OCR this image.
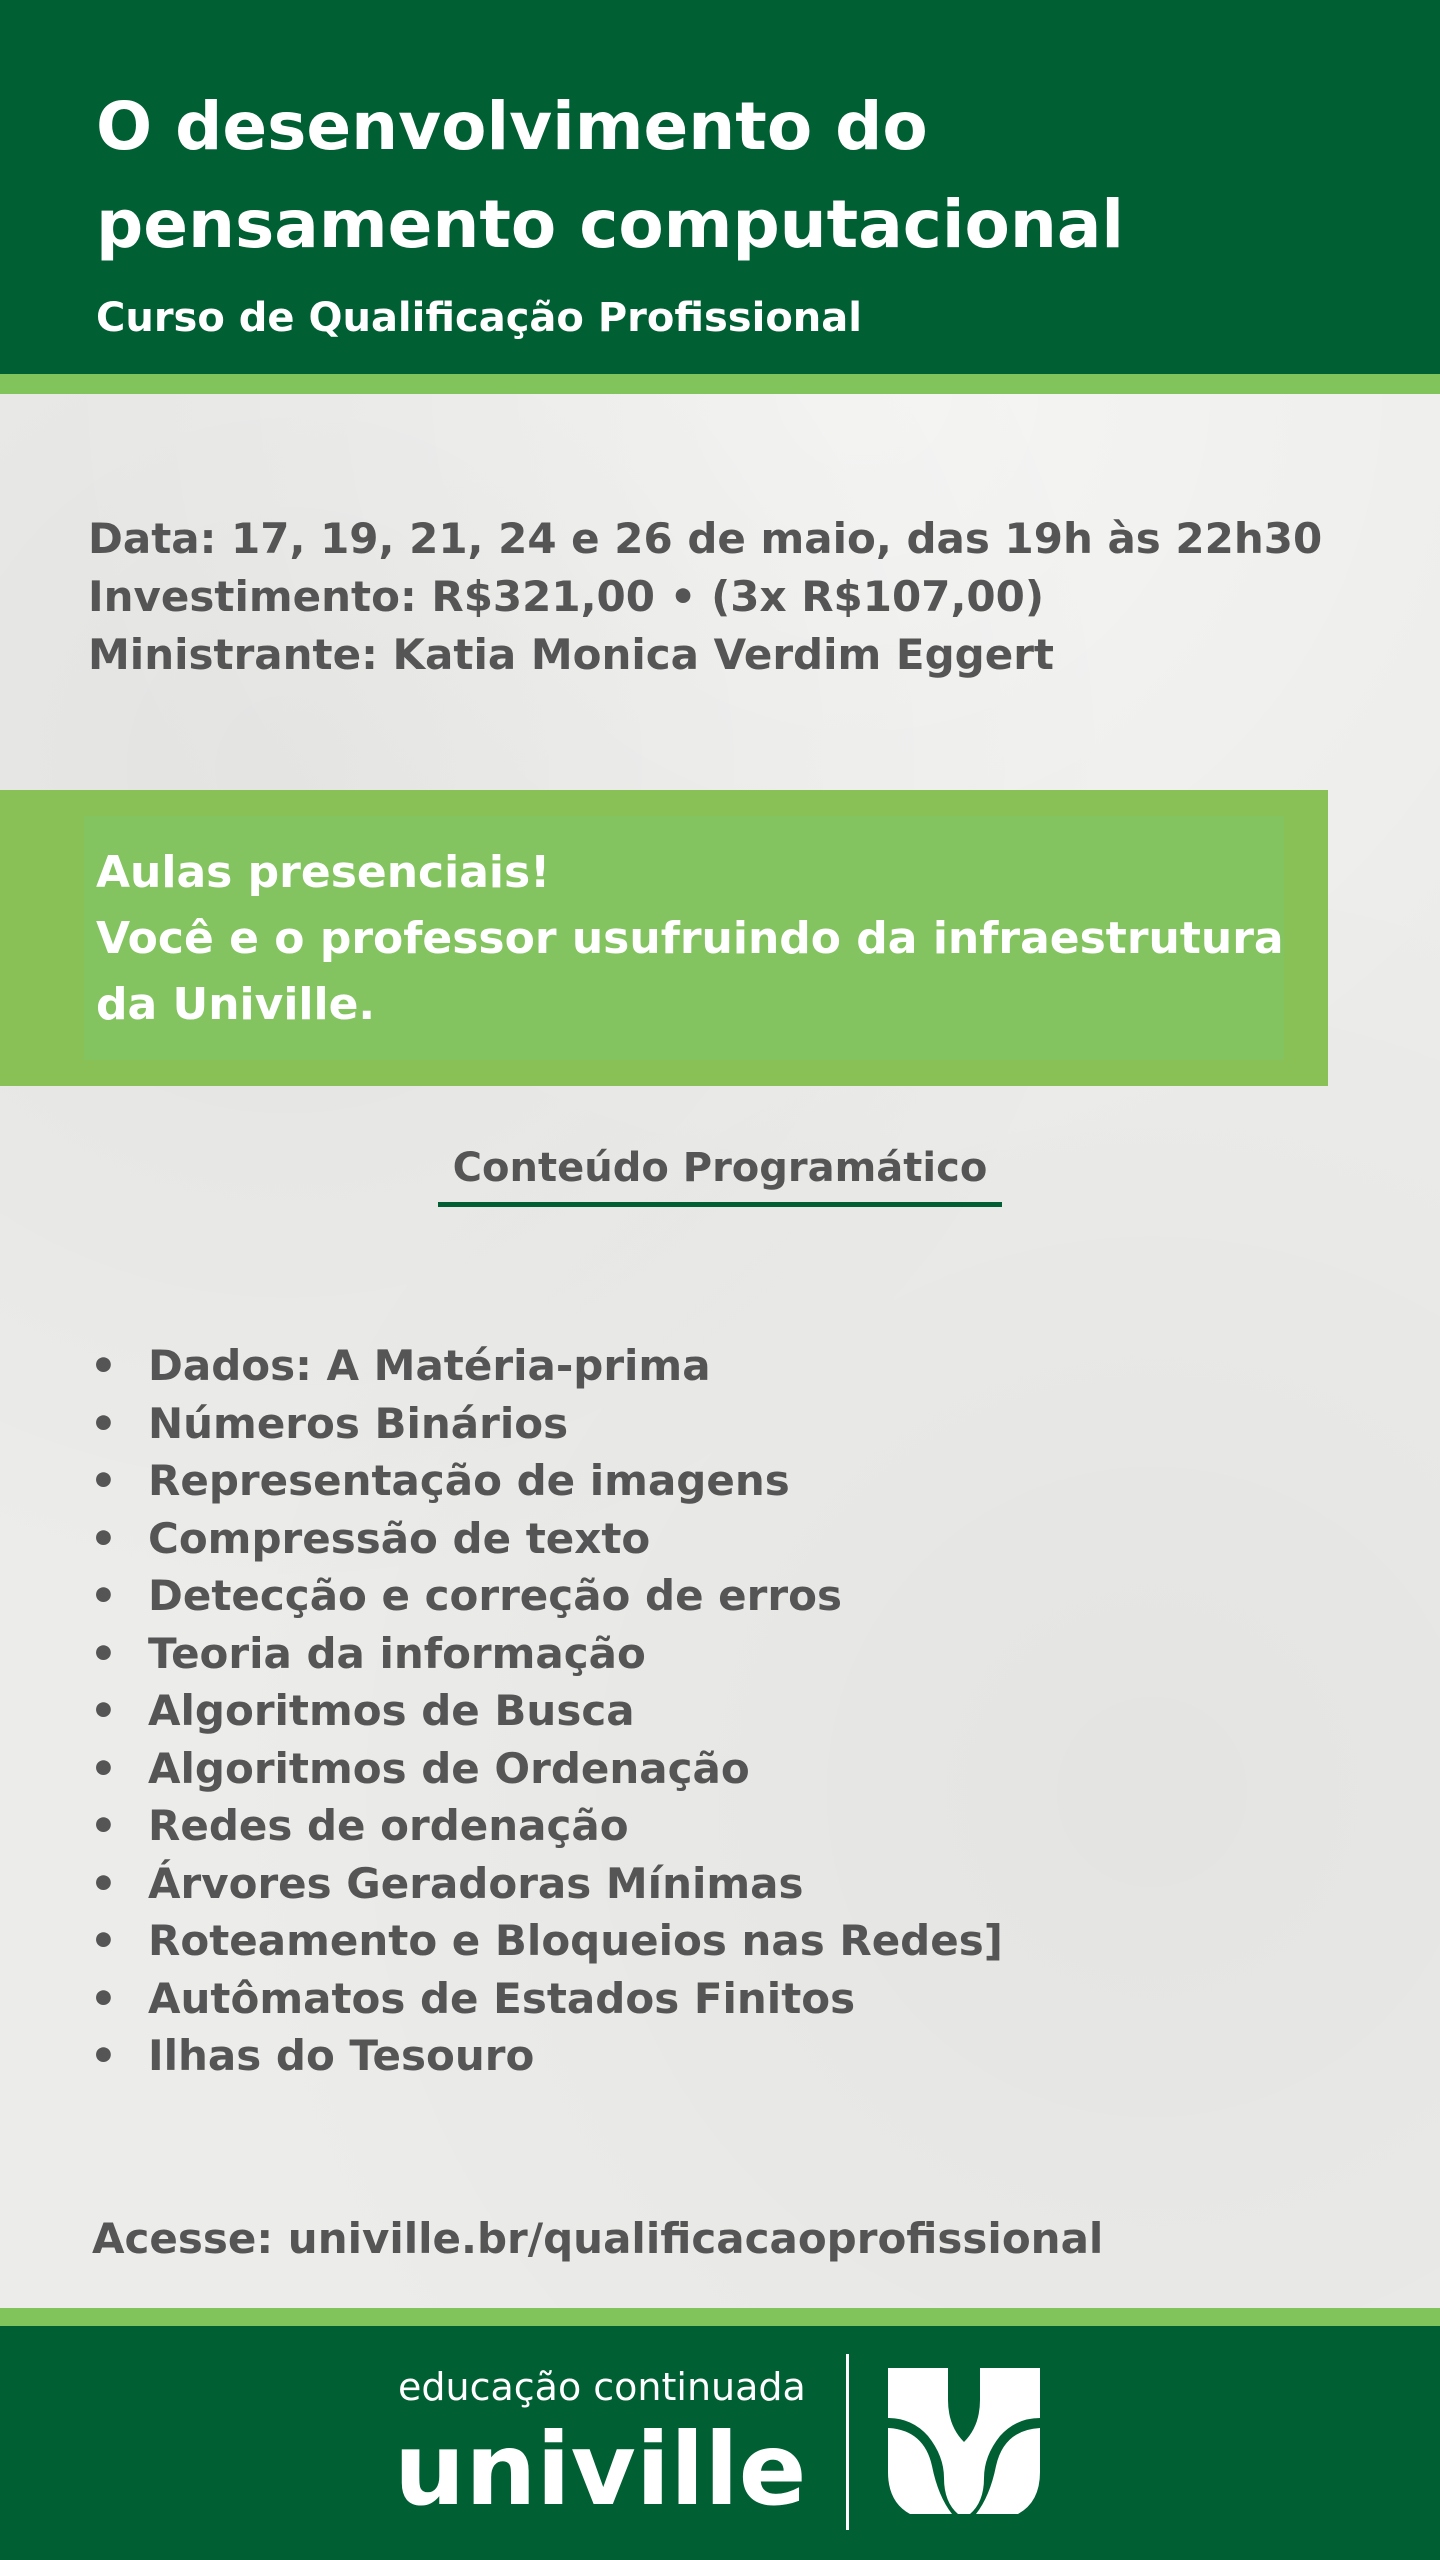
O desenvolvimento do pensamento computacional

Curso de Qualificação Profissional

Data: 17, 19, 21, 24 e 26 de maio, das 19h às 22h30
Investimento: R$321,00 • (3x R$107,00)
Ministrante: Katia Monica Verdim Eggert
Aulas presenciais!
Você e o professor usufruindo da infraestrutura da Univille.
Conteúdo Programático
• Dados: A Matéria-prima
• Números Binários
• Representação de imagens
• Compressão de texto
• Detecção e correção de erros
• Teoria da informação
• Algoritmos de Busca
• Algoritmos de Ordenação
• Redes de ordenação
• Árvores Geradoras Mínimas
• Roteamento e Bloqueios nas Redes]
• Autômatos de Estados Finitos
• Ilhas do Tesouro
Acesse: univille.br/qualificacaoprofissional
educação continuada
univille
